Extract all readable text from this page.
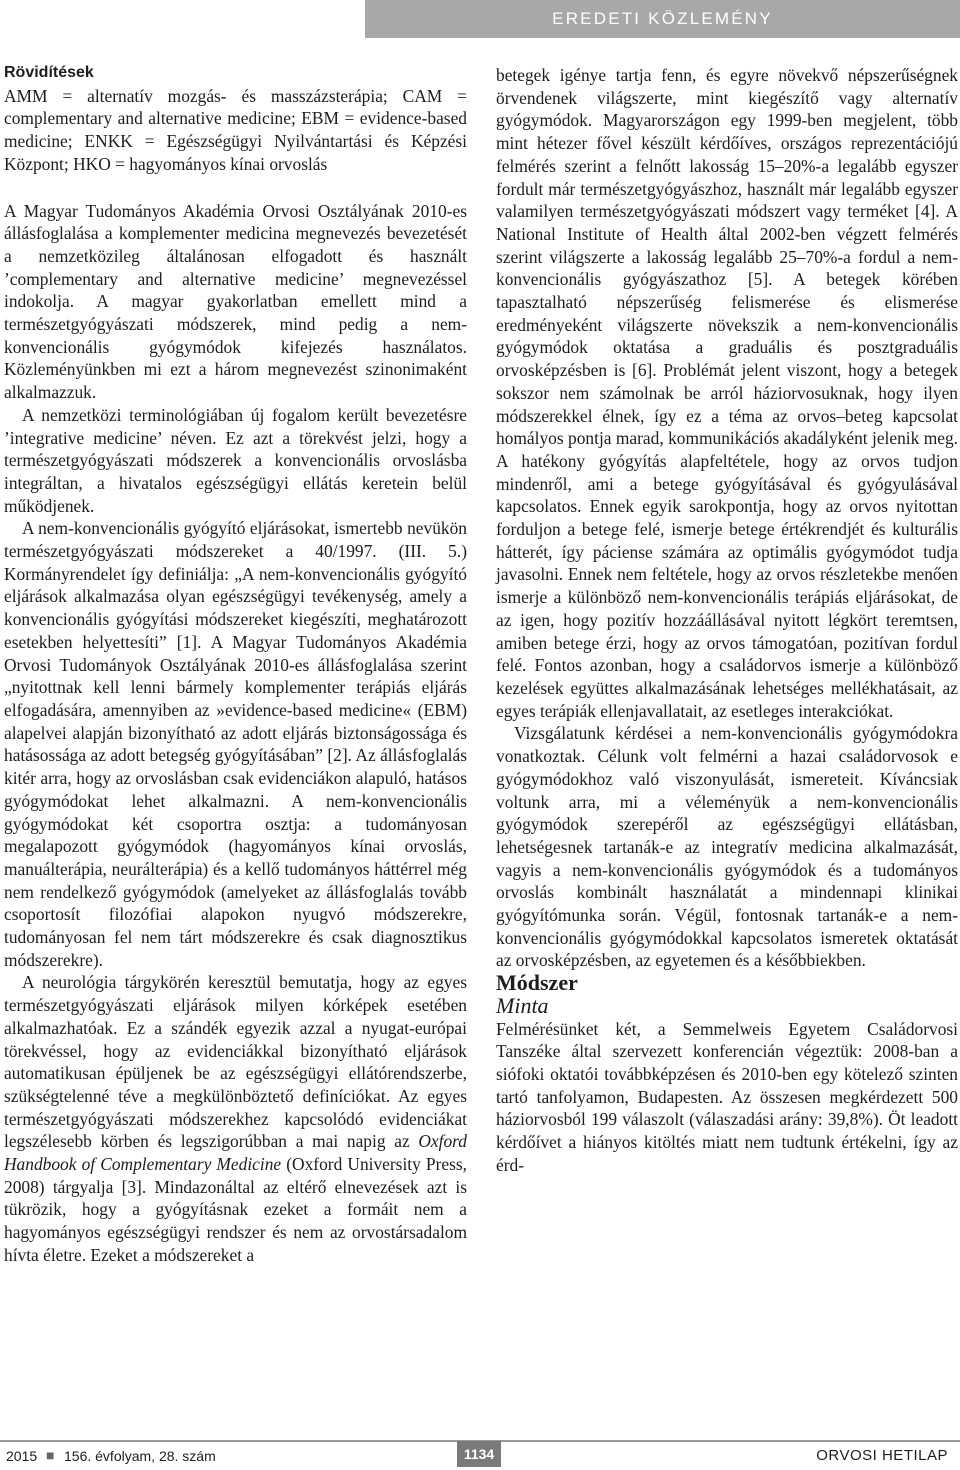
EREDETI KÖZLEMÉNY

Rövidítések

AMM = alternatív mozgás- és masszázsterápia; CAM = complementary and alternative medicine; EBM = evidence-based medicine; ENKK = Egészségügyi Nyilvántartási és Képzési Központ; HKO = hagyományos kínai orvoslás

A Magyar Tudományos Akadémia Orvosi Osztályának 2010-es állásfoglalása a komplementer medicina megnevezés bevezetését a nemzetközileg általánosan elfogadott és használt ’complementary and alternative medicine’ megnevezéssel indokolja. A magyar gyakorlatban emellett mind a természetgyógyászati módszerek, mind pedig a nem-konvencionális gyógymódok kifejezés használatos. Közleményünkben mi ezt a három megnevezést szinonimaként alkalmazzuk.

A nemzetközi terminológiában új fogalom került bevezetésre ’integrative medicine’ néven. Ez azt a törekvést jelzi, hogy a természetgyógyászati módszerek a konvencionális orvoslásba integráltan, a hivatalos egészségügyi ellátás keretein belül működjenek.

A nem-konvencionális gyógyító eljárásokat, ismertebb nevükön természetgyógyászati módszereket a 40/1997. (III. 5.) Kormányrendelet így definiálja: „A nem-konvencionális gyógyító eljárások alkalmazása olyan egészségügyi tevékenység, amely a konvencionális gyógyítási módszereket kiegészíti, meghatározott esetekben helyettesíti” [1]. A Magyar Tudományos Akadémia Orvosi Tudományok Osztályának 2010-es állásfoglalása szerint „nyitottnak kell lenni bármely komplementer terápiás eljárás elfogadására, amennyiben az »evidence-based medicine« (EBM) alapelvei alapján bizonyítható az adott eljárás biztonságossága és hatásossága az adott betegség gyógyításában” [2]. Az állásfoglalás kitér arra, hogy az orvoslásban csak evidenciákon alapuló, hatásos gyógymódokat lehet alkalmazni. A nem-konvencionális gyógymódokat két csoportra osztja: a tudományosan megalapozott gyógymódok (hagyományos kínai orvoslás, manuálterápia, neurálterápia) és a kellő tudományos háttérrel még nem rendelkező gyógymódok (amelyeket az állásfoglalás tovább csoportosít filozófiai alapokon nyugvó módszerekre, tudományosan fel nem tárt módszerekre és csak diagnosztikus módszerekre).

A neurológia tárgykörén keresztül bemutatja, hogy az egyes természetgyógyászati eljárások milyen kórképek esetében alkalmazhatóak. Ez a szándék egyezik azzal a nyugat-európai törekvéssel, hogy az evidenciákkal bizonyítható eljárások automatikusan épüljenek be az egészségügyi ellátórendszerbe, szükségtelenné téve a megkülönböztető definíciókat. Az egyes természetgyógyászati módszerekhez kapcsolódó evidenciákat legszélesebb körben és legszigorúbban a mai napig az Oxford Handbook of Complementary Medicine (Oxford University Press, 2008) tárgyalja [3]. Mindazonáltal az eltérő elnevezések azt is tükrözik, hogy a gyógyításnak ezeket a formáit nem a hagyományos egészségügyi rendszer és nem az orvostársadalom hívta életre. Ezeket a módszereket a

betegek igénye tartja fenn, és egyre növekvő népszerűségnek örvendenek világszerte, mint kiegészítő vagy alternatív gyógymódok. Magyarországon egy 1999-ben megjelent, több mint hétezer fővel készült kérdőíves, országos reprezentációjú felmérés szerint a felnőtt lakosság 15–20%-a legalább egyszer fordult már természetgyógyászhoz, használt már legalább egyszer valamilyen természetgyógyászati módszert vagy terméket [4]. A National Institute of Health által 2002-ben végzett felmérés szerint világszerte a lakosság legalább 25–70%-a fordul a nem-konvencionális gyógyászathoz [5]. A betegek körében tapasztalható népszerűség felismerése és elismerése eredményeként világszerte növekszik a nem-konvencionális gyógymódok oktatása a graduális és posztgraduális orvosképzésben is [6]. Problémát jelent viszont, hogy a betegek sokszor nem számolnak be arról háziorvosuknak, hogy ilyen módszerekkel élnek, így ez a téma az orvos–beteg kapcsolat homályos pontja marad, kommunikációs akadályként jelenik meg. A hatékony gyógyítás alapfeltétele, hogy az orvos tudjon mindenről, ami a betege gyógyításával és gyógyulásával kapcsolatos. Ennek egyik sarokpontja, hogy az orvos nyitottan forduljon a betege felé, ismerje betege értékrendjét és kulturális hátterét, így páciense számára az optimális gyógymódot tudja javasolni. Ennek nem feltétele, hogy az orvos részletekbe menően ismerje a különböző nem-konvencionális terápiás eljárásokat, de az igen, hogy pozitív hozzáállásával nyitott légkört teremtsen, amiben betege érzi, hogy az orvos támogatóan, pozitívan fordul felé. Fontos azonban, hogy a családorvos ismerje a különböző kezelések együttes alkalmazásának lehetséges mellékhatásait, az egyes terápiák ellenjavallatait, az esetleges interakciókat.

Vizsgálatunk kérdései a nem-konvencionális gyógymódokra vonatkoztak. Célunk volt felmérni a hazai családorvosok e gyógymódokhoz való viszonyulását, ismereteit. Kíváncsiak voltunk arra, mi a véleményük a nem-konvencionális gyógymódok szerepéről az egészségügyi ellátásban, lehetségesnek tartanák-e az integratív medicina alkalmazását, vagyis a nem-konvencionális gyógymódok és a tudományos orvoslás kombinált használatát a mindennapi klinikai gyógyítómunka során. Végül, fontosnak tartanák-e a nem-konvencionális gyógymódokkal kapcsolatos ismeretek oktatását az orvosképzésben, az egyetemen és a későbbiekben.

Módszer

Minta

Felmérésünket két, a Semmelweis Egyetem Családorvosi Tanszéke által szervezett konferencián végeztük: 2008-ban a siófoki oktatói továbbképzésen és 2010-ben egy kötelező szinten tartó tanfolyamon, Budapesten. Az összesen megkérdezett 500 háziorvosból 199 válaszolt (válaszadási arány: 39,8%). Öt leadott kérdőívet a hiányos kitöltés miatt nem tudtunk értékelni, így az érd-

2015 ■ 156. évfolyam, 28. szám	1134	ORVOSI HETILAP
